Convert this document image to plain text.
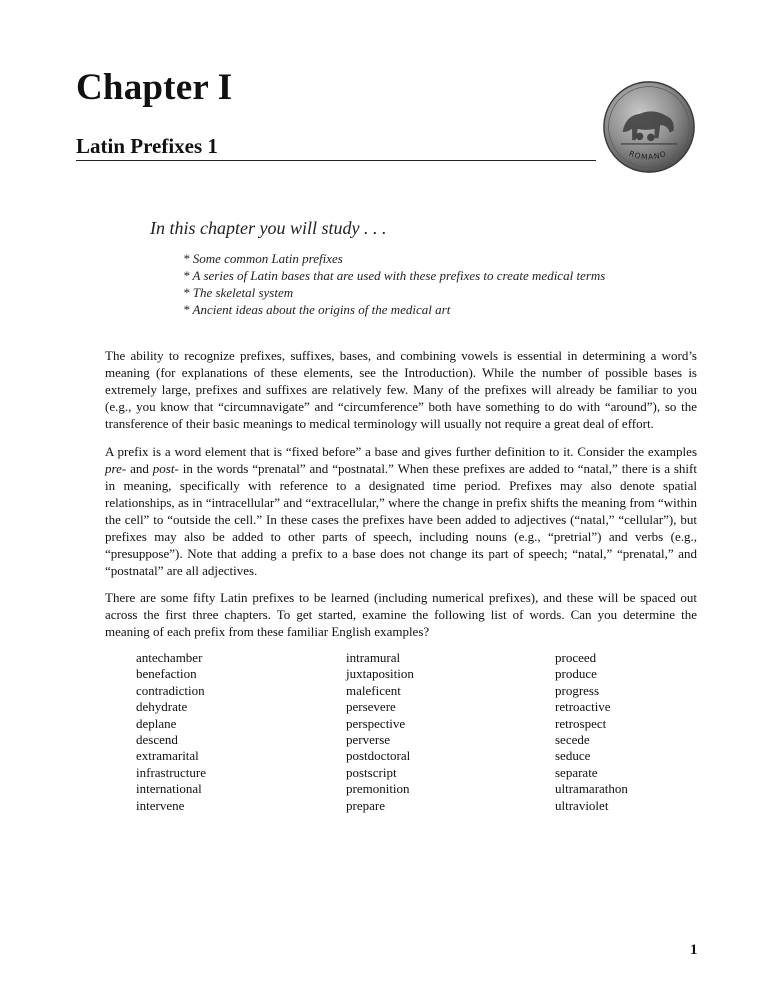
Chapter I
Latin Prefixes 1	ROMANO
In this chapter you will study . . .
* Some common Latin prefixes
* A series of Latin bases that are used with these prefixes to create medical terms
* The skeletal system
* Ancient ideas about the origins of the medical art

The ability to recognize prefixes, suffixes, bases, and combining vowels is essential in determining a word’s meaning (for explanations of these elements, see the Introduction). While the number of possible bases is extremely large, prefixes and suffixes are relatively few. Many of the prefixes will already be familiar to you (e.g., you know that “circumnavigate” and “circumference” both have something to do with “around”), so the transference of their basic meanings to medical terminology will usually not require a great deal of effort.

A prefix is a word element that is “fixed before” a base and gives further definition to it. Consider the examples pre- and post- in the words “prenatal” and “postnatal.” When these prefixes are added to “natal,” there is a shift in meaning, specifically with reference to a designated time period. Prefixes may also denote spatial relationships, as in “intracellular” and “extracellular,” where the change in prefix shifts the meaning from “within the cell” to “outside the cell.” In these cases the prefixes have been added to adjectives (“natal,” “cellular”), but prefixes may also be added to other parts of speech, including nouns (e.g., “pretrial”) and verbs (e.g., “presuppose”). Note that adding a prefix to a base does not change its part of speech; “natal,” “prenatal,” and “postnatal” are all adjectives.

There are some fifty Latin prefixes to be learned (including numerical prefixes), and these will be spaced out across the first three chapters. To get started, examine the following list of words. Can you determine the meaning of each prefix from these familiar English examples?

antechamber
benefaction
contradiction
dehydrate
deplane
descend
extramarital
infrastructure
international
intervene
intramural
juxtaposition
maleficent
persevere
perspective
perverse
postdoctoral
postscript
premonition
prepare
proceed
produce
progress
retroactive
retrospect
secede
seduce
separate
ultramarathon
ultraviolet
1
